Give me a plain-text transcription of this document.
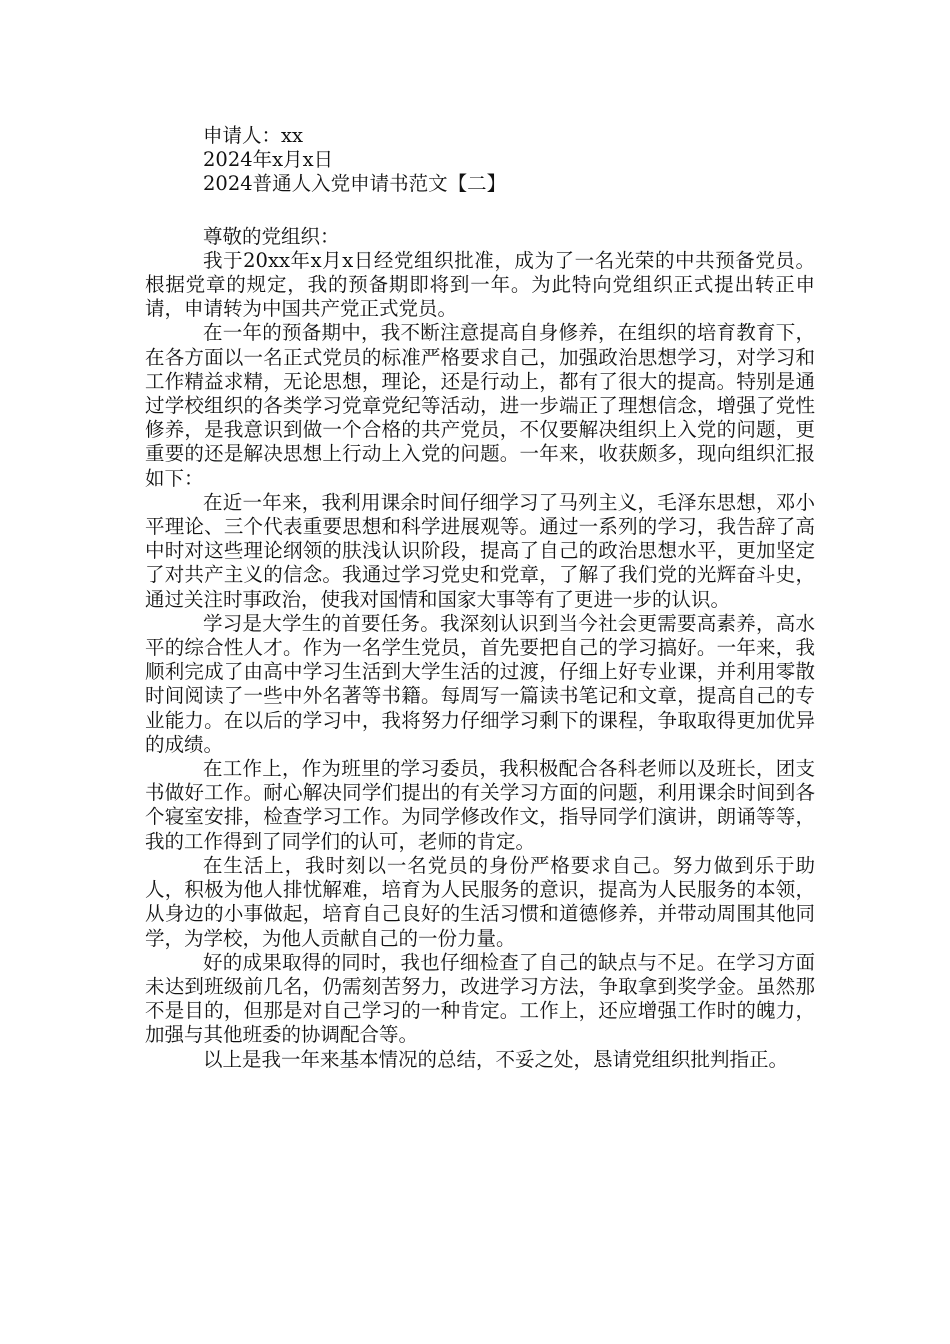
申请人：xx

2024年x月x日

2024普通人入党申请书范文【二】

尊敬的党组织：

我于20xx年x月x日经党组织批准，成为了一名光荣的中共预备党员。根据党章的规定，我的预备期即将到一年。为此特向党组织正式提出转正申请，申请转为中国共产党正式党员。

在一年的预备期中，我不断注意提高自身修养，在组织的培育教育下，在各方面以一名正式党员的标准严格要求自己，加强政治思想学习，对学习和工作精益求精，无论思想，理论，还是行动上，都有了很大的提高。特别是通过学校组织的各类学习党章党纪等活动，进一步端正了理想信念，增强了党性修养，是我意识到做一个合格的共产党员，不仅要解决组织上入党的问题，更重要的还是解决思想上行动上入党的问题。一年来，收获颇多，现向组织汇报如下：

在近一年来，我利用课余时间仔细学习了马列主义，毛泽东思想，邓小平理论、三个代表重要思想和科学进展观等。通过一系列的学习，我告辞了高中时对这些理论纲领的肤浅认识阶段，提高了自己的政治思想水平，更加坚定了对共产主义的信念。我通过学习党史和党章，了解了我们党的光辉奋斗史，通过关注时事政治，使我对国情和国家大事等有了更进一步的认识。

学习是大学生的首要任务。我深刻认识到当今社会更需要高素养，高水平的综合性人才。作为一名学生党员，首先要把自己的学习搞好。一年来，我顺利完成了由高中学习生活到大学生活的过渡，仔细上好专业课，并利用零散时间阅读了一些中外名著等书籍。每周写一篇读书笔记和文章，提高自己的专业能力。在以后的学习中，我将努力仔细学习剩下的课程，争取取得更加优异的成绩。

在工作上，作为班里的学习委员，我积极配合各科老师以及班长，团支书做好工作。耐心解决同学们提出的有关学习方面的问题，利用课余时间到各个寝室安排，检查学习工作。为同学修改作文，指导同学们演讲，朗诵等等，我的工作得到了同学们的认可，老师的肯定。

在生活上，我时刻以一名党员的身份严格要求自己。努力做到乐于助人，积极为他人排忧解难，培育为人民服务的意识，提高为人民服务的本领，从身边的小事做起，培育自己良好的生活习惯和道德修养，并带动周围其他同学，为学校，为他人贡献自己的一份力量。

好的成果取得的同时，我也仔细检查了自己的缺点与不足。在学习方面未达到班级前几名，仍需刻苦努力，改进学习方法，争取拿到奖学金。虽然那不是目的，但那是对自己学习的一种肯定。工作上，还应增强工作时的魄力，加强与其他班委的协调配合等。

以上是我一年来基本情况的总结，不妥之处，恳请党组织批判指正。
